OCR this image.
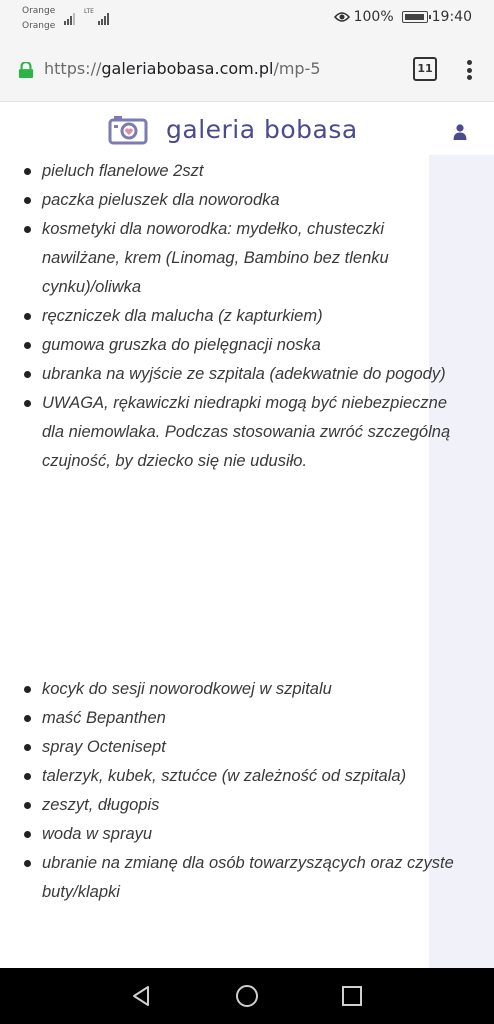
Orange
Orange
LTE	100%	19:40
https://galeriabobasa.com.pl/mp-5	11
galeria bobasa
pieluch flanelowe 2szt
paczka pieluszek dla noworodka
kosmetyki dla noworodka: mydełko, chusteczki
nawilżane, krem (Linomag, Bambino bez tlenku
cynku)/oliwka
ręczniczek dla malucha (z kapturkiem)
gumowa gruszka do pielęgnacji noska
ubranka na wyjście ze szpitala (adekwatnie do pogody)
UWAGA, rękawiczki niedrapki mogą być niebezpieczne
dla niemowlaka. Podczas stosowania zwróć szczególną
czujność, by dziecko się nie udusiło.
kocyk do sesji noworodkowej w szpitalu
maść Bepanthen
spray Octenisept
talerzyk, kubek, sztućce (w zależność od szpitala)
zeszyt, długopis
woda w sprayu
ubranie na zmianę dla osób towarzyszących oraz czyste
buty/klapki
